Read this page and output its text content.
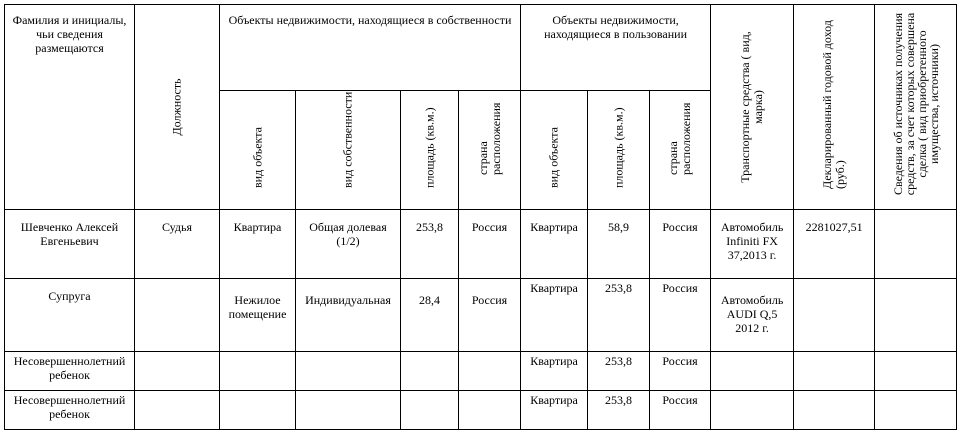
Фамилия и инициалы, чьи сведения размещаются	Должность	Объекты недвижимости, находящиеся в собственности				Объекты недвижимости, находящиеся в пользовании			Транспортные средства ( вид, марка)	Декларированный годовой доход (руб.)	Сведения об источниках получения средств, за счет которых совершена сделка ( вид приобретенного имущества, источники)

		вид объекта	вид собственности	площадь (кв.м.)	страна расположения	вид объекта	площадь (кв.м.)	страна расположения			

Шевченко Алексей Евгеньевич	Судья	Квартира	Общая долевая (1/2)	253,8	Россия	Квартира	58,9	Россия	Автомобиль Infiniti FX 37,2013 г.	2281027,51	
Супруга		Нежилое помещение	Индивидуальная	28,4	Россия	Квартира	253,8	Россия	Автомобиль AUDI Q,5 2012 г.		
Несовершеннолетний ребенок						Квартира	253,8	Россия			
Несовершеннолетний ребенок						Квартира	253,8	Россия			
